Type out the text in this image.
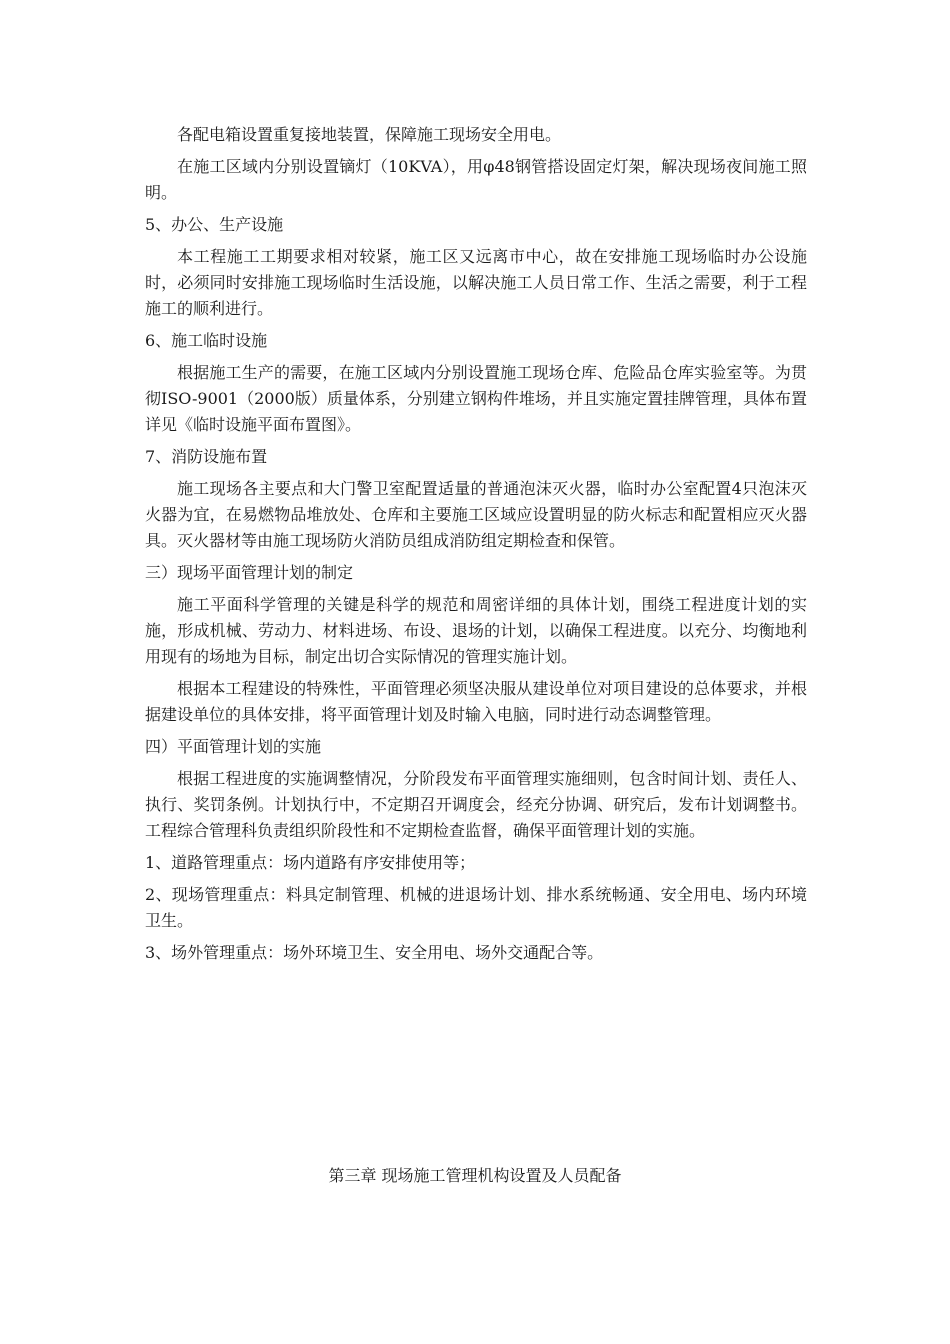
各配电箱设置重复接地装置，保障施工现场安全用电。

在施工区域内分别设置镝灯（10KVA），用φ48钢管搭设固定灯架，解决现场夜间施工照明。

5、办公、生产设施

本工程施工工期要求相对较紧，施工区又远离市中心，故在安排施工现场临时办公设施时，必须同时安排施工现场临时生活设施，以解决施工人员日常工作、生活之需要，利于工程施工的顺利进行。

6、施工临时设施

根据施工生产的需要，在施工区域内分别设置施工现场仓库、危险品仓库实验室等。为贯彻ISO-9001（2000版）质量体系，分别建立钢构件堆场，并且实施定置挂牌管理，具体布置详见《临时设施平面布置图》。

7、消防设施布置

施工现场各主要点和大门警卫室配置适量的普通泡沫灭火器，临时办公室配置4只泡沫灭火器为宜，在易燃物品堆放处、仓库和主要施工区域应设置明显的防火标志和配置相应灭火器具。灭火器材等由施工现场防火消防员组成消防组定期检查和保管。

三）现场平面管理计划的制定

施工平面科学管理的关键是科学的规范和周密详细的具体计划，围绕工程进度计划的实施，形成机械、劳动力、材料进场、布设、退场的计划，以确保工程进度。以充分、均衡地利用现有的场地为目标，制定出切合实际情况的管理实施计划。

根据本工程建设的特殊性，平面管理必须坚决服从建设单位对项目建设的总体要求，并根据建设单位的具体安排，将平面管理计划及时输入电脑，同时进行动态调整管理。

四）平面管理计划的实施

根据工程进度的实施调整情况，分阶段发布平面管理实施细则，包含时间计划、责任人、执行、奖罚条例。计划执行中，不定期召开调度会，经充分协调、研究后，发布计划调整书。工程综合管理科负责组织阶段性和不定期检查监督，确保平面管理计划的实施。

1、道路管理重点：场内道路有序安排使用等；

2、现场管理重点：料具定制管理、机械的进退场计划、排水系统畅通、安全用电、场内环境卫生。

3、场外管理重点：场外环境卫生、安全用电、场外交通配合等。

第三章 现场施工管理机构设置及人员配备
